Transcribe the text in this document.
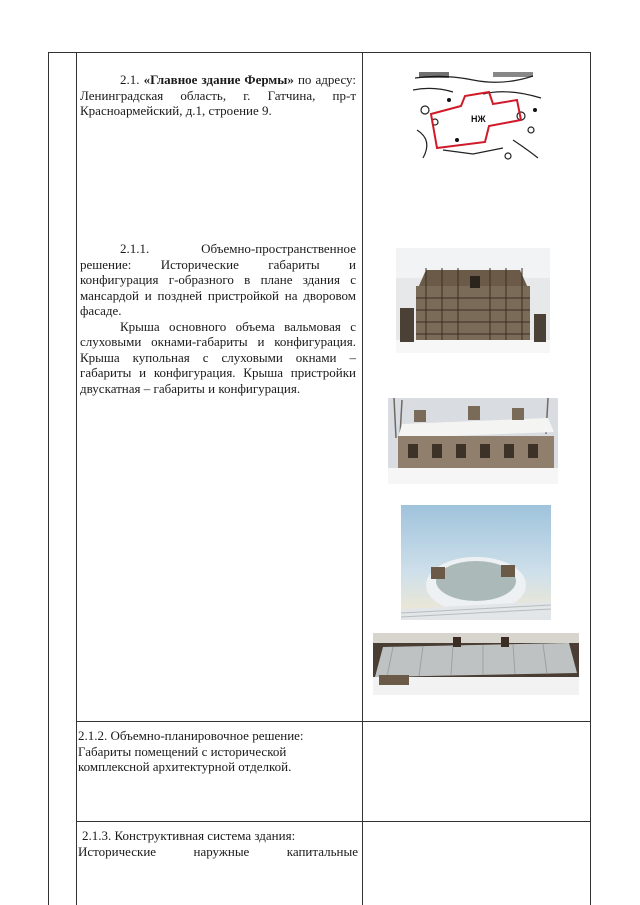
2.1. «Главное здание Фермы» по адресу: Ленинградская область, г. Гатчина, пр-т Красноармейский, д.1, строение 9.

2.1.1. Объемно-пространственное решение: Исторические габариты и конфигурация г-образного в плане здания с мансардой и поздней пристройкой на дворовом фасаде.

Крыша основного объема вальмовая с слуховыми окнами-габариты и конфигурация. Крыша купольная с слуховыми окнами – габариты и конфигурация. Крыша пристройки двускатная – габариты и конфигурация.

2.1.2. Объемно-планировочное решение: Габариты помещений с исторической комплексной архитектурной отделкой.
2.1.3. Конструктивная система здания:
Исторические наружные капитальные
НЖ
